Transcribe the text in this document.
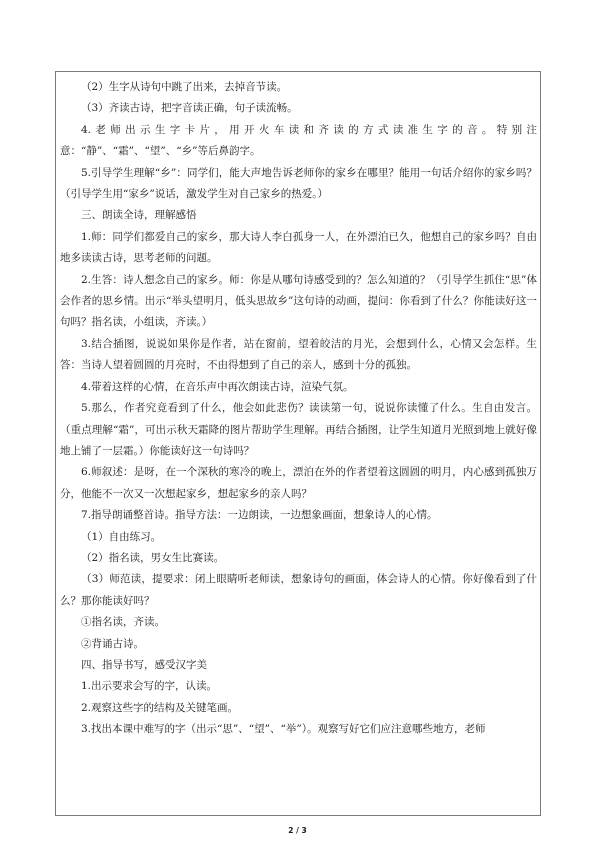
（2）生字从诗句中跳了出来，去掉音节读。

（3）齐读古诗，把字音读正确，句子读流畅。

4.老师出示生字卡片，用开火车读和齐读的方式读准生字的音。特别注意：“静”、“霜”、“望”、“乡”等后鼻韵字。

5.引导学生理解“乡”：同学们，能大声地告诉老师你的家乡在哪里？能用一句话介绍你的家乡吗？（引导学生用“家乡”说话，激发学生对自己家乡的热爱。）

三、朗读全诗，理解感悟

1.师：同学们都爱自己的家乡，那大诗人李白孤身一人，在外漂泊已久，他想自己的家乡吗？自由地多读读古诗，思考老师的问题。

2.生答：诗人想念自己的家乡。师：你是从哪句诗感受到的？怎么知道的？（引导学生抓住“思”体会作者的思乡情。出示“举头望明月，低头思故乡”这句诗的动画，提问：你看到了什么？你能读好这一句吗？指名读，小组读，齐读。）

3.结合插图，说说如果你是作者，站在窗前，望着皎洁的月光，会想到什么，心情又会怎样。生答：当诗人望着圆圆的月亮时，不由得想到了自己的亲人，感到十分的孤独。

4.带着这样的心情，在音乐声中再次朗读古诗，渲染气氛。

5.那么，作者究竟看到了什么，他会如此悲伤？读读第一句，说说你读懂了什么。生自由发言。（重点理解“霜”，可出示秋天霜降的图片帮助学生理解。再结合插图，让学生知道月光照到地上就好像地上铺了一层霜。）你能读好这一句诗吗？

6.师叙述：是呀，在一个深秋的寒冷的晚上，漂泊在外的作者望着这圆圆的明月，内心感到孤独万分，他能不一次又一次想起家乡，想起家乡的亲人吗？

7.指导朗诵整首诗。指导方法：一边朗读，一边想象画面，想象诗人的心情。

（1）自由练习。

（2）指名读，男女生比赛读。

（3）师范读，提要求：闭上眼睛听老师读，想象诗句的画面，体会诗人的心情。你好像看到了什么？那你能读好吗？

①指名读，齐读。

②背诵古诗。

四、指导书写，感受汉字美

1.出示要求会写的字，认读。

2.观察这些字的结构及关键笔画。

3.找出本课中难写的字（出示“思”、“望”、“举”）。观察写好它们应注意哪些地方，老师

2 / 3
